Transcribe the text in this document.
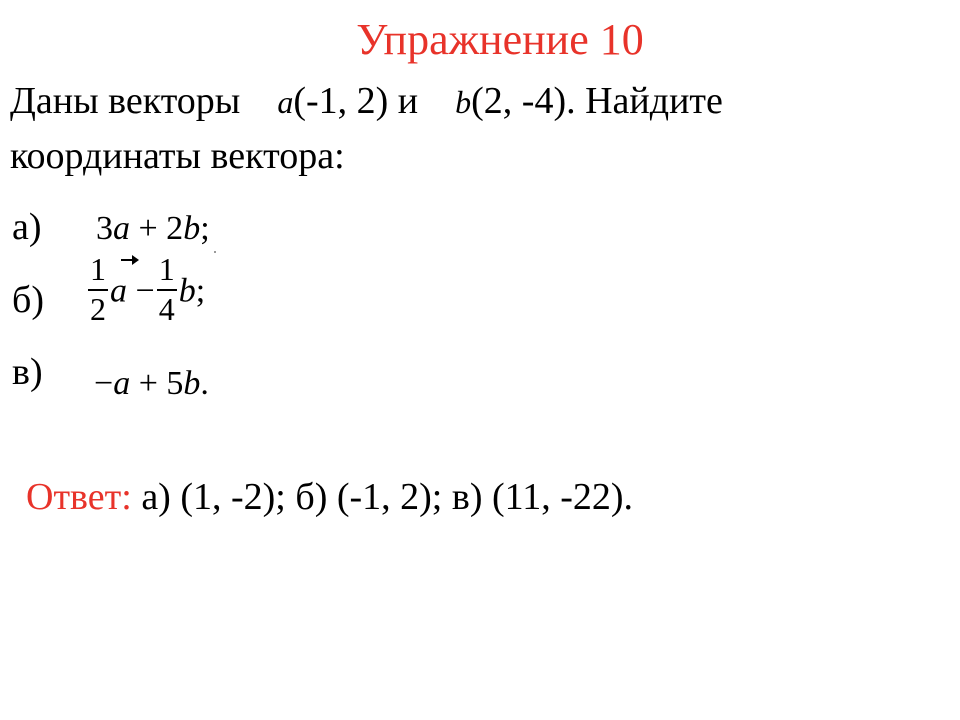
Упражнение 10
Даны векторы a(-1, 2) и b(2, -4). Найдите
координаты вектора:
а) 3a + 2b;
$б) \frac{1}{2}$ $a - \frac{1}{4} b$;
в) −a + 5b.
Ответ: а) (1, -2); б) (-1, 2); в) (11, -22).
